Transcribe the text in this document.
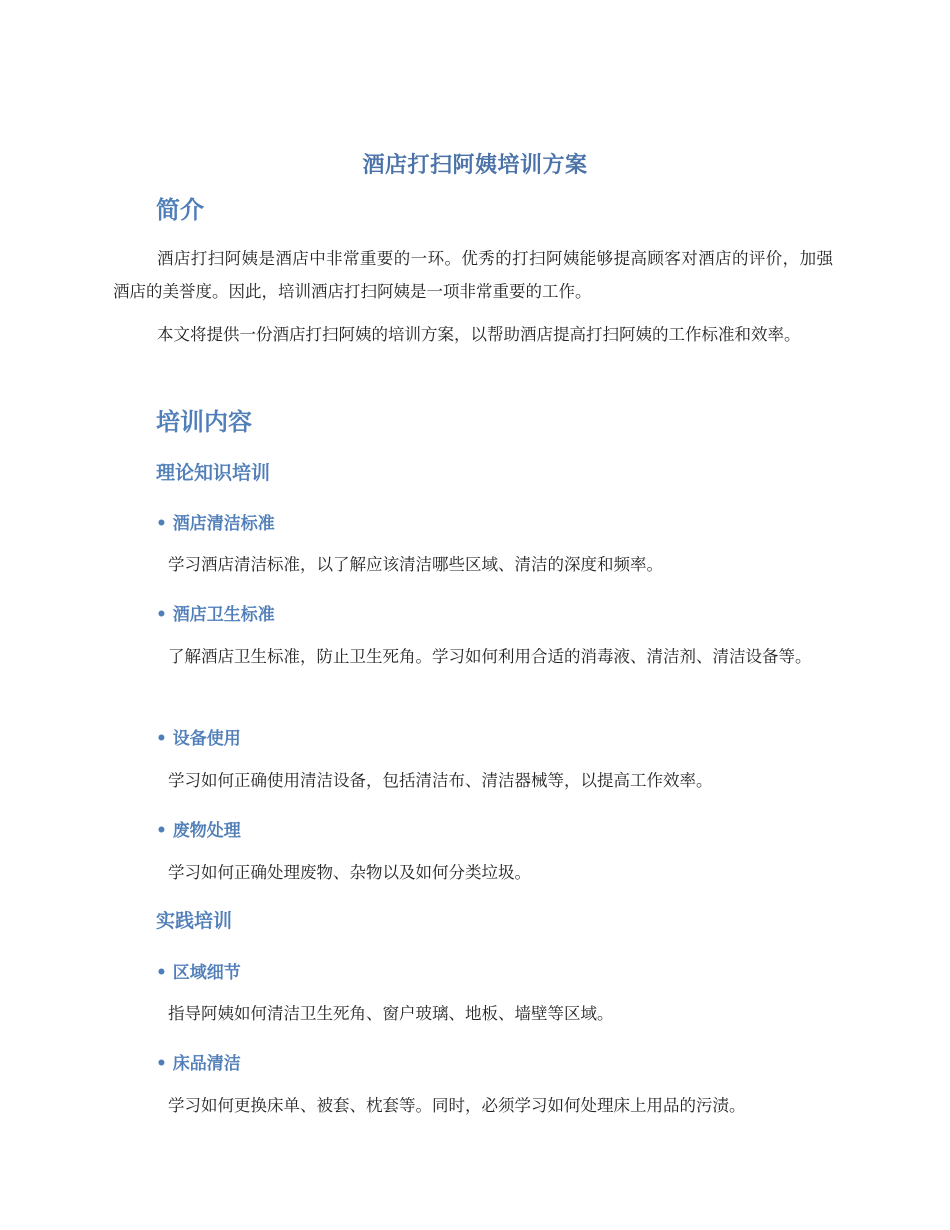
酒店打扫阿姨培训方案
简介
酒店打扫阿姨是酒店中非常重要的一环。优秀的打扫阿姨能够提高顾客对酒店的评价，加强酒店的美誉度。因此，培训酒店打扫阿姨是一项非常重要的工作。
本文将提供一份酒店打扫阿姨的培训方案，以帮助酒店提高打扫阿姨的工作标准和效率。
培训内容
理论知识培训
• 酒店清洁标准
学习酒店清洁标准，以了解应该清洁哪些区域、清洁的深度和频率。
• 酒店卫生标准
了解酒店卫生标准，防止卫生死角。学习如何利用合适的消毒液、清洁剂、清洁设备等。
• 设备使用
学习如何正确使用清洁设备，包括清洁布、清洁器械等，以提高工作效率。
• 废物处理
学习如何正确处理废物、杂物以及如何分类垃圾。
实践培训
• 区域细节
指导阿姨如何清洁卫生死角、窗户玻璃、地板、墙壁等区域。
• 床品清洁
学习如何更换床单、被套、枕套等。同时，必须学习如何处理床上用品的污渍。
